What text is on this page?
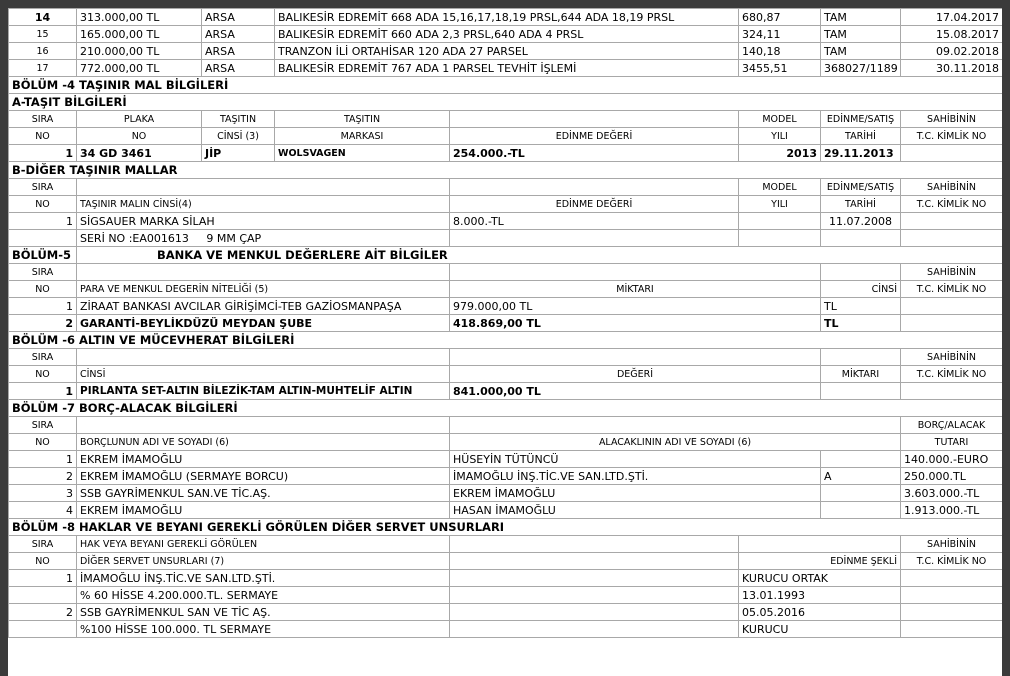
14	313.000,00 TL	ARSA	BALIKESİR EDREMİT 668 ADA 15,16,17,18,19 PRSL,644 ADA 18,19 PRSL		680,87	TAM	17.04.2017
15	165.000,00 TL	ARSA	BALIKESİR EDREMİT 660 ADA 2,3 PRSL,640 ADA 4 PRSL		324,11	TAM	15.08.2017
16	210.000,00 TL	ARSA	TRANZON İLİ ORTAHİSAR 120 ADA 27 PARSEL		140,18	TAM	09.02.2018
17	772.000,00 TL	ARSA	BALIKESİR EDREMİT 767 ADA 1 PARSEL TEVHİT İŞLEMİ		3455,51	368027/1189	30.11.2018
BÖLÜM -4 TAŞINIR MAL BİLGİLERİ							
A-TAŞIT BİLGİLERİ							
SIRA	PLAKA	TAŞITIN	TAŞITIN		MODEL	EDİNME/SATIŞ	SAHİBİNİN
NO	NO	CİNSİ (3)	MARKASI	EDİNME DEĞERİ	YILI	TARİHİ	T.C. KİMLİK NO
1	34 GD 3461	JİP	WOLSVAGEN	254.000.-TL	2013	29.11.2013	
B-DİĞER TAŞINIR MALLAR							
SIRA					MODEL	EDİNME/SATIŞ	SAHİBİNİN
NO	TAŞINIR MALIN CİNSİ(4)			EDİNME DEĞERİ	YILI	TARİHİ	T.C. KİMLİK NO
1	SİGSAUER MARKA SİLAH			8.000.-TL		11.07.2008	
	SERİ NO :EA001613 9 MM ÇAP						
BÖLÜM-5	BANKA VE MENKUL DEĞERLERE AİT BİLGİLER						
SIRA							SAHİBİNİN
NO	PARA VE MENKUL DEGERİN NİTELİĞİ (5)			MİKTARI		CİNSİ	T.C. KİMLİK NO
1	ZİRAAT BANKASI AVCILAR GİRİŞİMCİ-TEB GAZİOSMANPAŞA			979.000,00 TL		TL	
2	GARANTİ-BEYLİKDÜZÜ MEYDAN ŞUBE			418.869,00 TL		TL	
BÖLÜM -6 ALTIN VE MÜCEVHERAT BİLGİLERİ							
SIRA							SAHİBİNİN
NO	CİNSİ			DEĞERİ		MİKTARI	T.C. KİMLİK NO
1	PIRLANTA SET-ALTIN BİLEZİK-TAM ALTIN-MUHTELİF ALTIN			841.000,00 TL			
BÖLÜM -7 BORÇ-ALACAK BİLGİLERİ							
SIRA							BORÇ/ALACAK
NO	BORÇLUNUN ADI VE SOYADI (6)			ALACAKLININ ADI VE SOYADI (6)			TUTARI
1	EKREM İMAMOĞLU			HÜSEYİN TÜTÜNCÜ			140.000.-EURO
2	EKREM İMAMOĞLU (SERMAYE BORCU)			İMAMOĞLU İNŞ.TİC.VE SAN.LTD.ŞTİ.		A	250.000.TL
3	SSB GAYRİMENKUL SAN.VE TİC.AŞ.			EKREM İMAMOĞLU			3.603.000.-TL
4	EKREM İMAMOĞLU			HASAN İMAMOĞLU			1.913.000.-TL
BÖLÜM -8 HAKLAR VE BEYANI GEREKLİ GÖRÜLEN DİĞER SERVET UNSURLARI							
SIRA	HAK VEYA BEYANI GEREKLİ GÖRÜLEN						SAHİBİNİN
NO	DİĞER SERVET UNSURLARI (7)				EDİNME ŞEKLİ		T.C. KİMLİK NO
1	İMAMOĞLU İNŞ.TİC.VE SAN.LTD.ŞTİ.				KURUCU ORTAK		
	% 60 HİSSE 4.200.000.TL. SERMAYE				13.01.1993		
2	SSB GAYRİMENKUL SAN VE TİC AŞ.				05.05.2016		
	%100 HİSSE 100.000. TL SERMAYE				KURUCU		
